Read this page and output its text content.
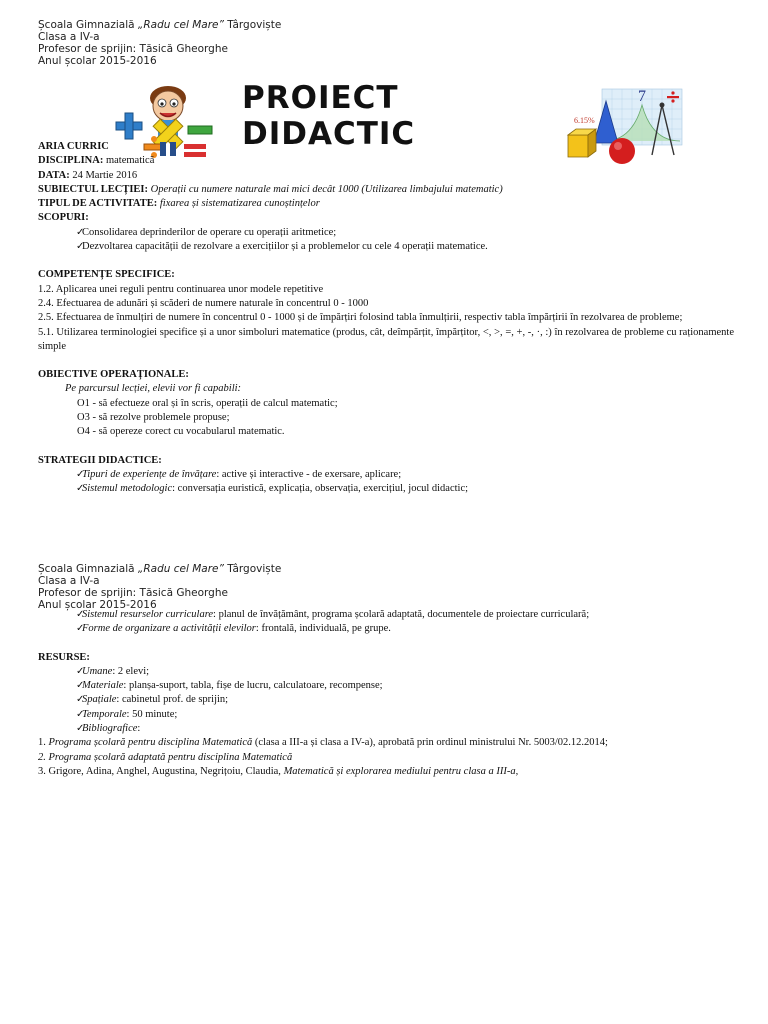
Școala Gimnazială „Radu cel Mare” Târgoviște
Clasa a IV-a
Profesor de sprijin: Tăsică Gheorghe
Anul școlar 2015-2016
PROIECT
DIDACTIC	6.15%
7
ARIA CURRIC
DISCIPLINA: matematică
DATA: 24 Martie 2016
SUBIECTUL LECȚIEI: Operații cu numere naturale mai mici decât 1000 (Utilizarea limbajului matematic)
TIPUL DE ACTIVITATE: fixarea și sistematizarea cunoștințelor
SCOPURI:
✓
Consolidarea deprinderilor de operare cu operații aritmetice;
✓
Dezvoltarea capacității de rezolvare a exercițiilor și a problemelor cu cele 4 operații matematice.
COMPETENȚE SPECIFICE:
1.2. Aplicarea unei reguli pentru continuarea unor modele repetitive
2.4. Efectuarea de adunări și scăderi de numere naturale în concentrul 0 - 1000
2.5. Efectuarea de înmulțiri de numere în concentrul 0 - 1000 și de împărțiri folosind tabla înmulțirii, respectiv tabla împărțirii în rezolvarea de probleme;
5.1. Utilizarea terminologiei specifice și a unor simboluri matematice (produs, cât, deîmpărțit, împărțitor, <, >, =, +, -, ·, :) în rezolvarea de probleme cu raționamente simple
OBIECTIVE OPERAȚIONALE:
Pe parcursul lecției, elevii vor fi capabili:
O1 - să efectueze oral și în scris, operații de calcul matematic;
O3 - să rezolve problemele propuse;
O4 - să opereze corect cu vocabularul matematic.
STRATEGII DIDACTICE:
✓
Tipuri de experiențe de învățare: active și interactive - de exersare, aplicare;
✓
Sistemul metodologic: conversația euristică, explicația, observația, exercițiul, jocul didactic;
Școala Gimnazială „Radu cel Mare” Târgoviște
Clasa a IV-a
Profesor de sprijin: Tăsică Gheorghe
Anul școlar 2015-2016
✓
Sistemul resurselor curriculare: planul de învățământ, programa școlară adaptată, documentele de proiectare curriculară;
✓
Forme de organizare a activității elevilor: frontală, individuală, pe grupe.
RESURSE:
✓
Umane: 2 elevi;
✓
Materiale: planșa-suport, tabla, fișe de lucru, calculatoare, recompense;
✓
Spațiale: cabinetul prof. de sprijin;
✓
Temporale: 50 minute;
✓
Bibliografice:
1. Programa școlară pentru disciplina Matematică (clasa a III-a și clasa a IV-a), aprobată prin ordinul ministrului Nr. 5003/02.12.2014;
2. Programa școlară adaptată pentru disciplina Matematică
3. Grigore, Adina, Anghel, Augustina, Negrițoiu, Claudia, Matematică și explorarea mediului pentru clasa a III-a,
